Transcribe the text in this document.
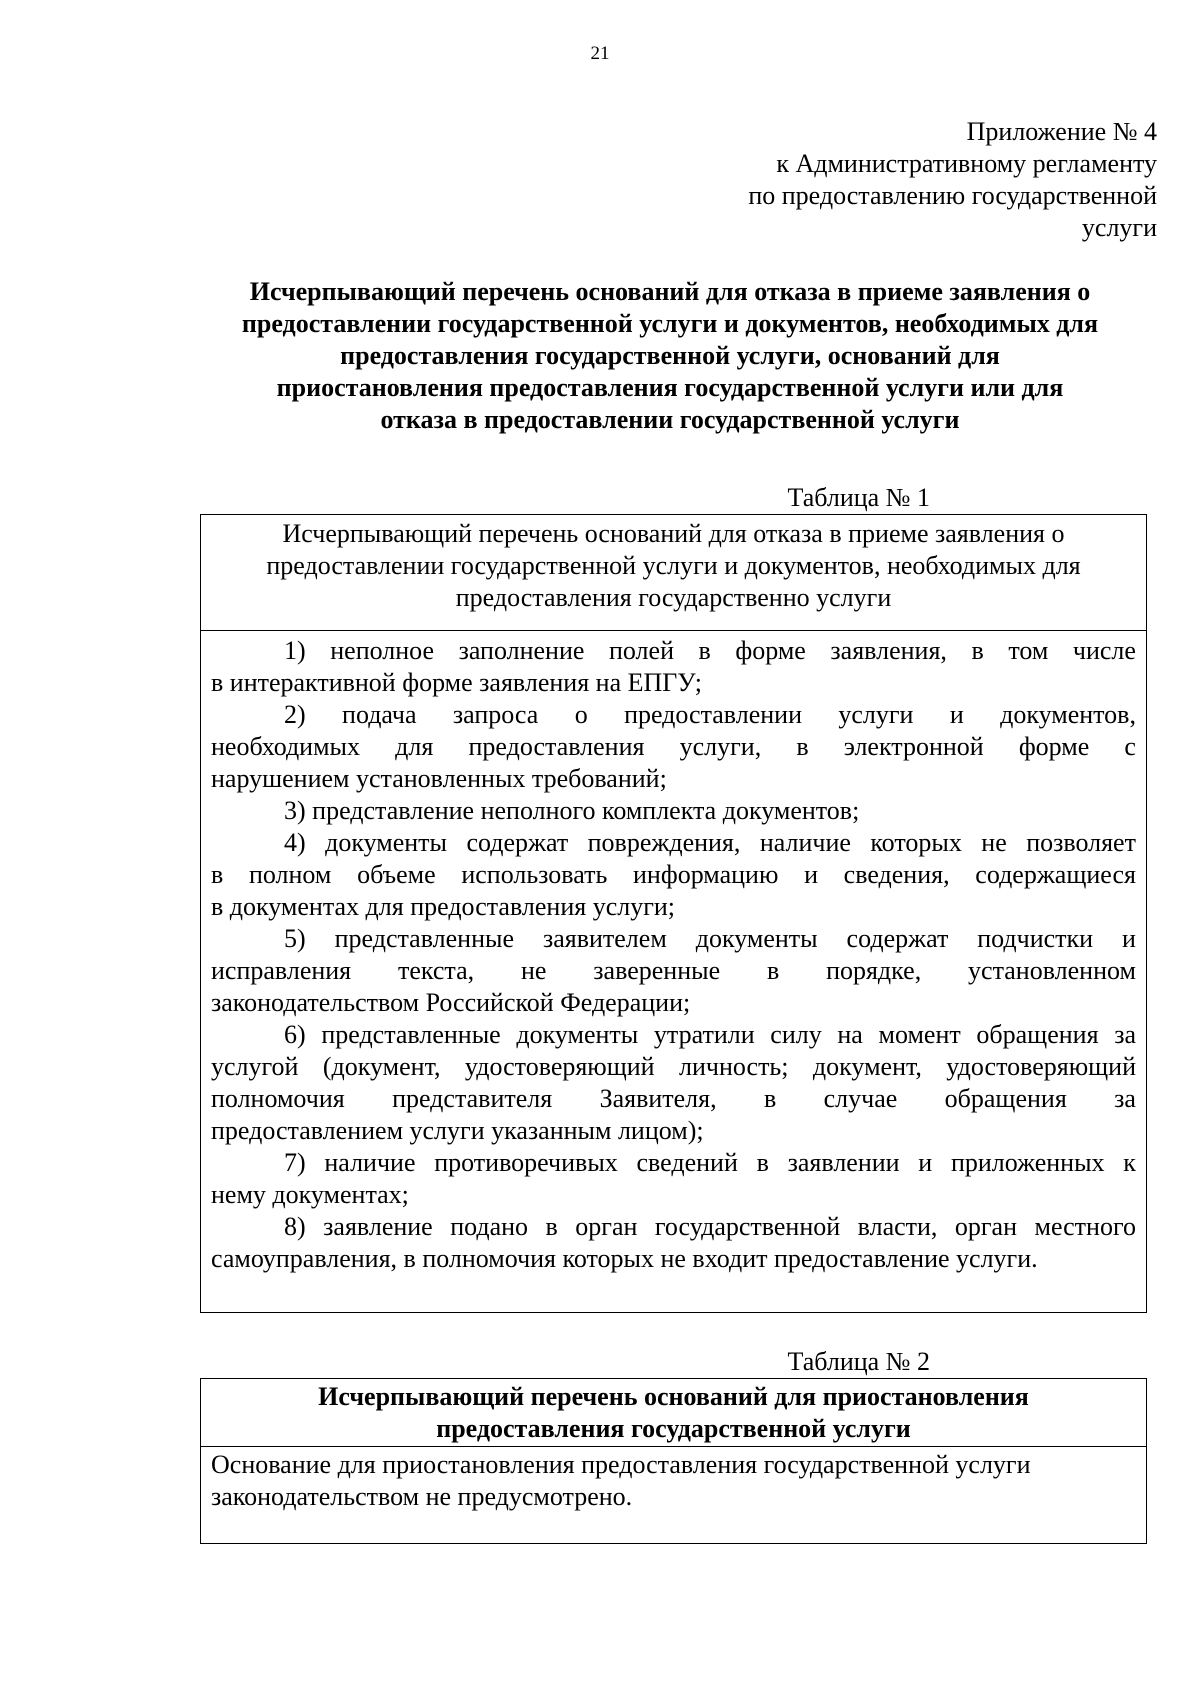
21
Приложение № 4
к Административному регламенту
по предоставлению государственной
услуги
Исчерпывающий перечень оснований для отказа в приеме заявления о
предоставлении государственной услуги и документов, необходимых для
предоставления государственной услуги, оснований для
приостановления предоставления государственной услуги или для
отказа в предоставлении государственной услуги
Таблица № 1
Исчерпывающий перечень оснований для отказа в приеме заявления о
предоставлении государственной услуги и документов, необходимых для
предоставления государственно услуги
1) неполное заполнение полей в форме заявления, в том числе
в интерактивной форме заявления на ЕПГУ;
2) подача запроса о предоставлении услуги и документов,
необходимых для предоставления услуги, в электронной форме с
нарушением установленных требований;
3) представление неполного комплекта документов;
4) документы содержат повреждения, наличие которых не позволяет
в полном объеме использовать информацию и сведения, содержащиеся
в документах для предоставления услуги;
5) представленные заявителем документы содержат подчистки и
исправления текста, не заверенные в порядке, установленном
законодательством Российской Федерации;
6) представленные документы утратили силу на момент обращения за
услугой (документ, удостоверяющий личность; документ, удостоверяющий
полномочия представителя Заявителя, в случае обращения за
предоставлением услуги указанным лицом);
7) наличие противоречивых сведений в заявлении и приложенных к
нему документах;
8) заявление подано в орган государственной власти, орган местного
самоуправления, в полномочия которых не входит предоставление услуги.
Таблица № 2
Исчерпывающий перечень оснований для приостановления
предоставления государственной услуги
Основание для приостановления предоставления государственной услуги
законодательством не предусмотрено.
